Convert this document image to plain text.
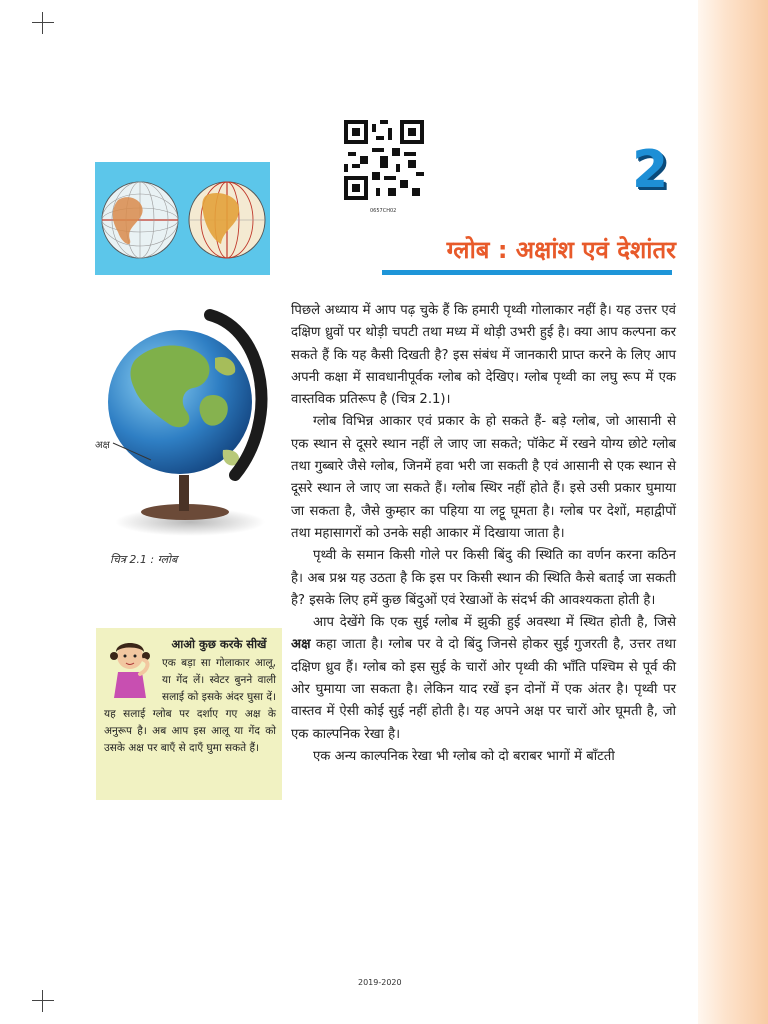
0657CH02
2
ग्लोब : अक्षांश एवं देशांतर
अक्ष
चित्र 2.1 : ग्लोब
आओ कुछ करके सीखें
एक बड़ा सा गोलाकार आलू, या गेंद लें। स्वेटर बुनने वाली सलाई को इसके अंदर घुसा दें। यह सलाई ग्लोब पर दर्शाए गए अक्ष के अनुरूप है। अब आप इस आलू या गेंद को उसके अक्ष पर बाएँ से दाएँ घुमा सकते हैं।

पिछले अध्याय में आप पढ़ चुके हैं कि हमारी पृथ्वी गोलाकार नहीं है। यह उत्तर एवं दक्षिण ध्रुवों पर थोड़ी चपटी तथा मध्य में थोड़ी उभरी हुई है। क्या आप कल्पना कर सकते हैं कि यह कैसी दिखती है? इस संबंध में जानकारी प्राप्त करने के लिए आप अपनी कक्षा में सावधानीपूर्वक ग्लोब को देखिए। ग्लोब पृथ्वी का लघु रूप में एक वास्तविक प्रतिरूप है (चित्र 2.1)।

ग्लोब विभिन्न आकार एवं प्रकार के हो सकते हैं- बड़े ग्लोब, जो आसानी से एक स्थान से दूसरे स्थान नहीं ले जाए जा सकते; पॉकेट में रखने योग्य छोटे ग्लोब तथा गुब्बारे जैसे ग्लोब, जिनमें हवा भरी जा सकती है एवं आसानी से एक स्थान से दूसरे स्थान ले जाए जा सकते हैं। ग्लोब स्थिर नहीं होते हैं। इसे उसी प्रकार घुमाया जा सकता है, जैसे कुम्हार का पहिया या लट्टू घूमता है। ग्लोब पर देशों, महाद्वीपों तथा महासागरों को उनके सही आकार में दिखाया जाता है।

पृथ्वी के समान किसी गोले पर किसी बिंदु की स्थिति का वर्णन करना कठिन है। अब प्रश्न यह उठता है कि इस पर किसी स्थान की स्थिति कैसे बताई जा सकती है? इसके लिए हमें कुछ बिंदुओं एवं रेखाओं के संदर्भ की आवश्यकता होती है।

आप देखेंगे कि एक सुई ग्लोब में झुकी हुई अवस्था में स्थित होती है, जिसे अक्ष कहा जाता है। ग्लोब पर वे दो बिंदु जिनसे होकर सुई गुजरती है, उत्तर तथा दक्षिण ध्रुव हैं। ग्लोब को इस सुई के चारों ओर पृथ्वी की भाँति पश्चिम से पूर्व की ओर घुमाया जा सकता है। लेकिन याद रखें इन दोनों में एक अंतर है। पृथ्वी पर वास्तव में ऐसी कोई सुई नहीं होती है। यह अपने अक्ष पर चारों ओर घूमती है, जो एक काल्पनिक रेखा है।

एक अन्य काल्पनिक रेखा भी ग्लोब को दो बराबर भागों में बाँटती

2019-2020
